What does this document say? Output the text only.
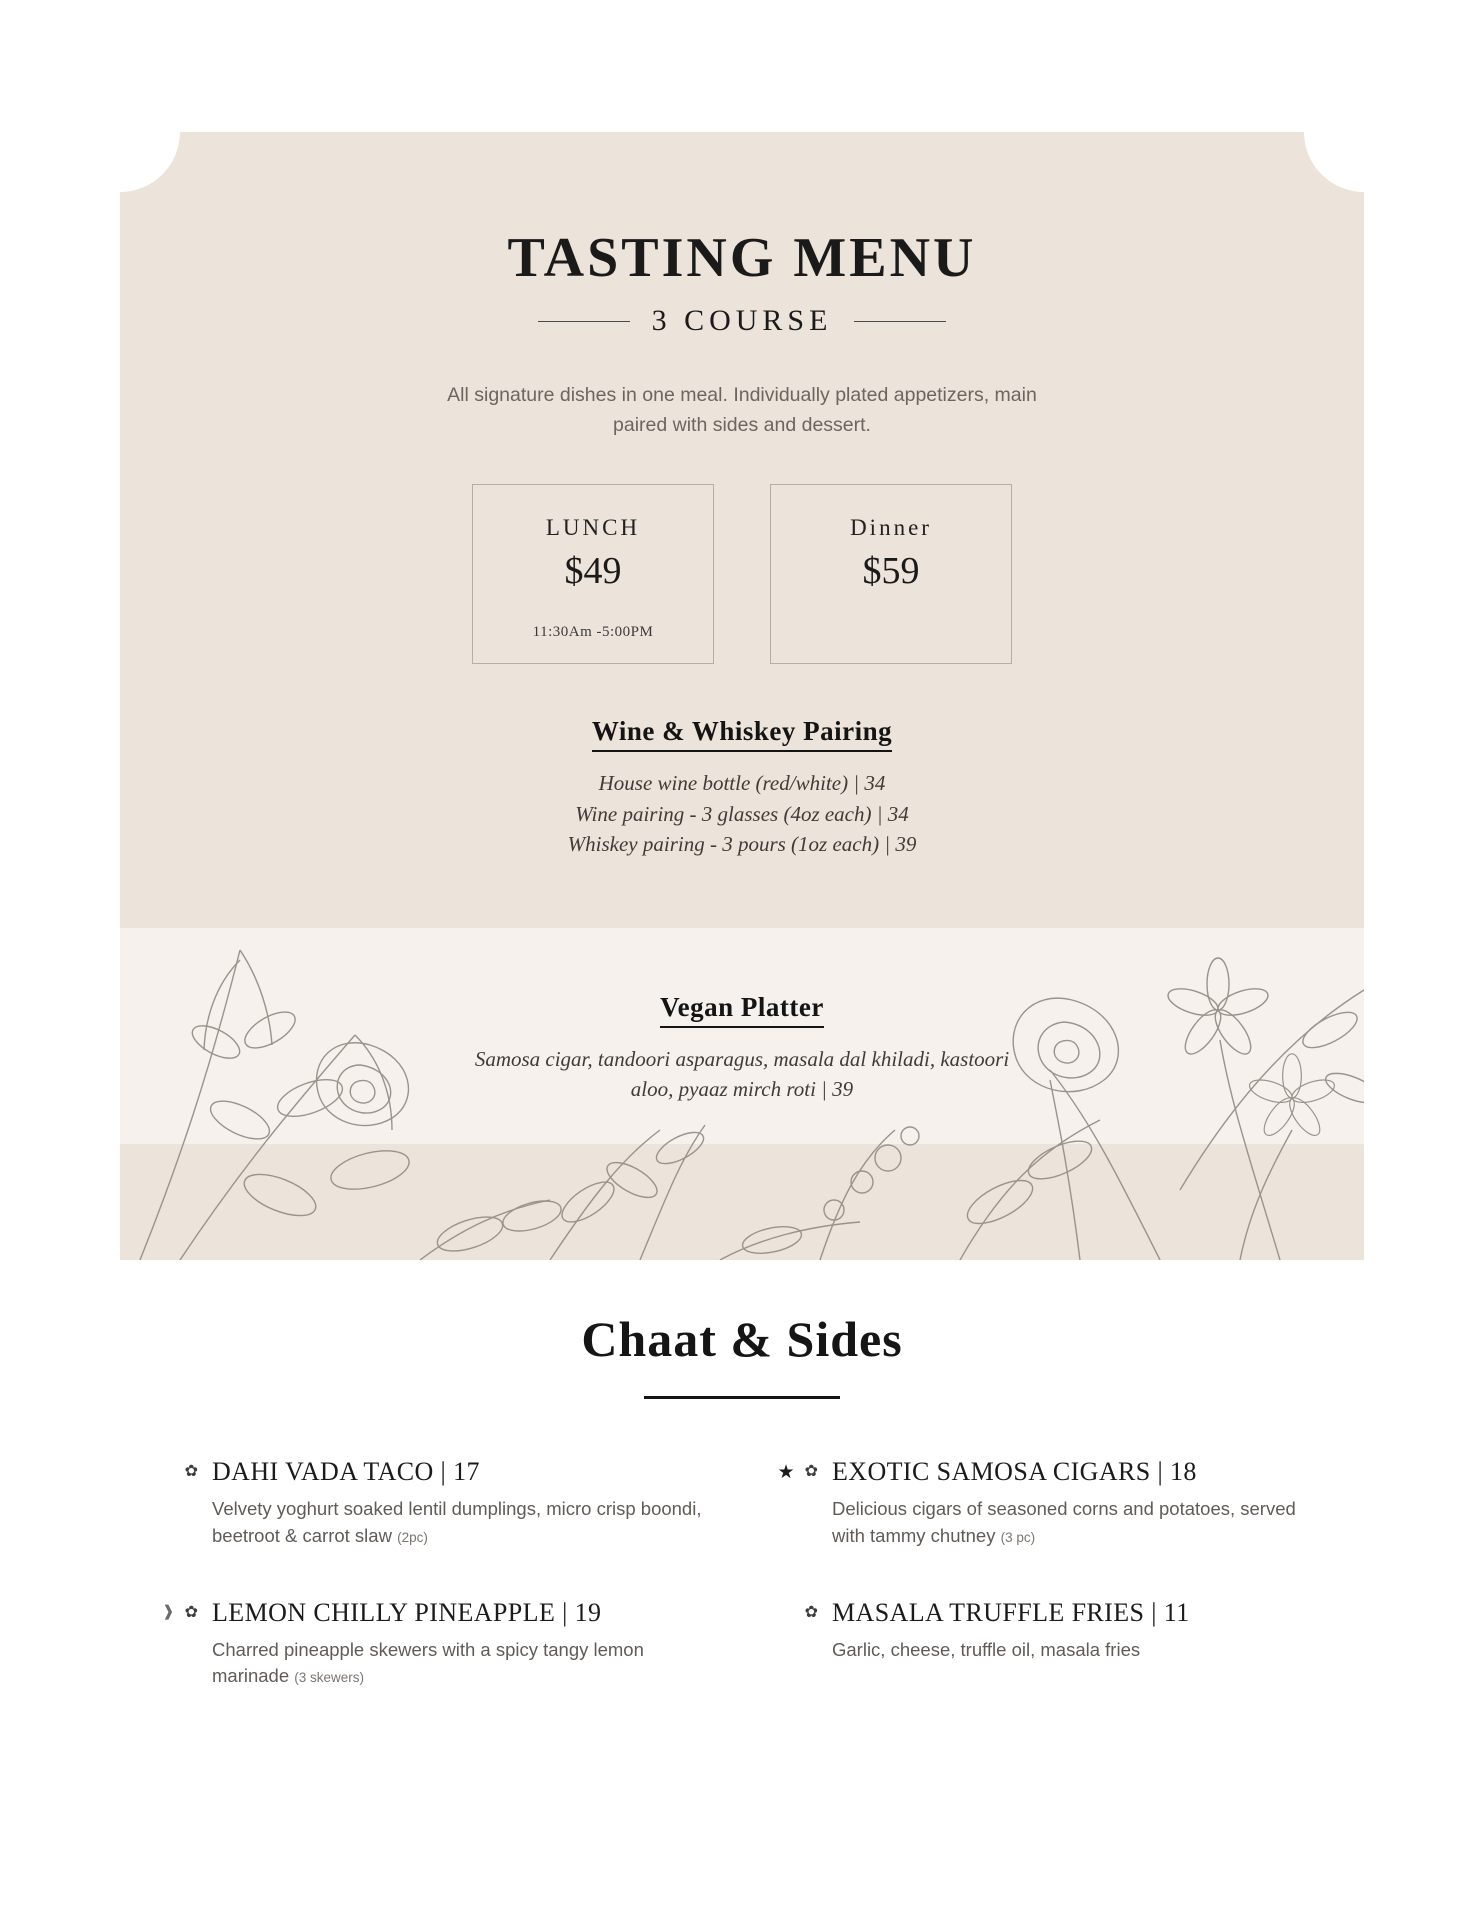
TASTING MENU
3 COURSE
All signature dishes in one meal. Individually plated appetizers, main paired with sides and dessert.
LUNCH
$49
11:30Am -5:00PM
Dinner
$59
Wine & Whiskey Pairing
House wine bottle (red/white) | 34
Wine pairing - 3 glasses (4oz each) | 34
Whiskey pairing - 3 pours (1oz each) | 39
Vegan Platter
Samosa cigar, tandoori asparagus, masala dal khiladi, kastoori aloo, pyaaz mirch roti | 39
Chaat & Sides
✿ DAHI VADA TACO | 17
Velvety yoghurt soaked lentil dumplings, micro crisp boondi, beetroot & carrot slaw (2pc)
★ ✿ EXOTIC SAMOSA CIGARS | 18
Delicious cigars of seasoned corns and potatoes, served with tammy chutney (3 pc)
❱ ✿ LEMON CHILLY PINEAPPLE | 19
Charred pineapple skewers with a spicy tangy lemon marinade (3 skewers)
✿ MASALA TRUFFLE FRIES | 11
Garlic, cheese, truffle oil, masala fries
